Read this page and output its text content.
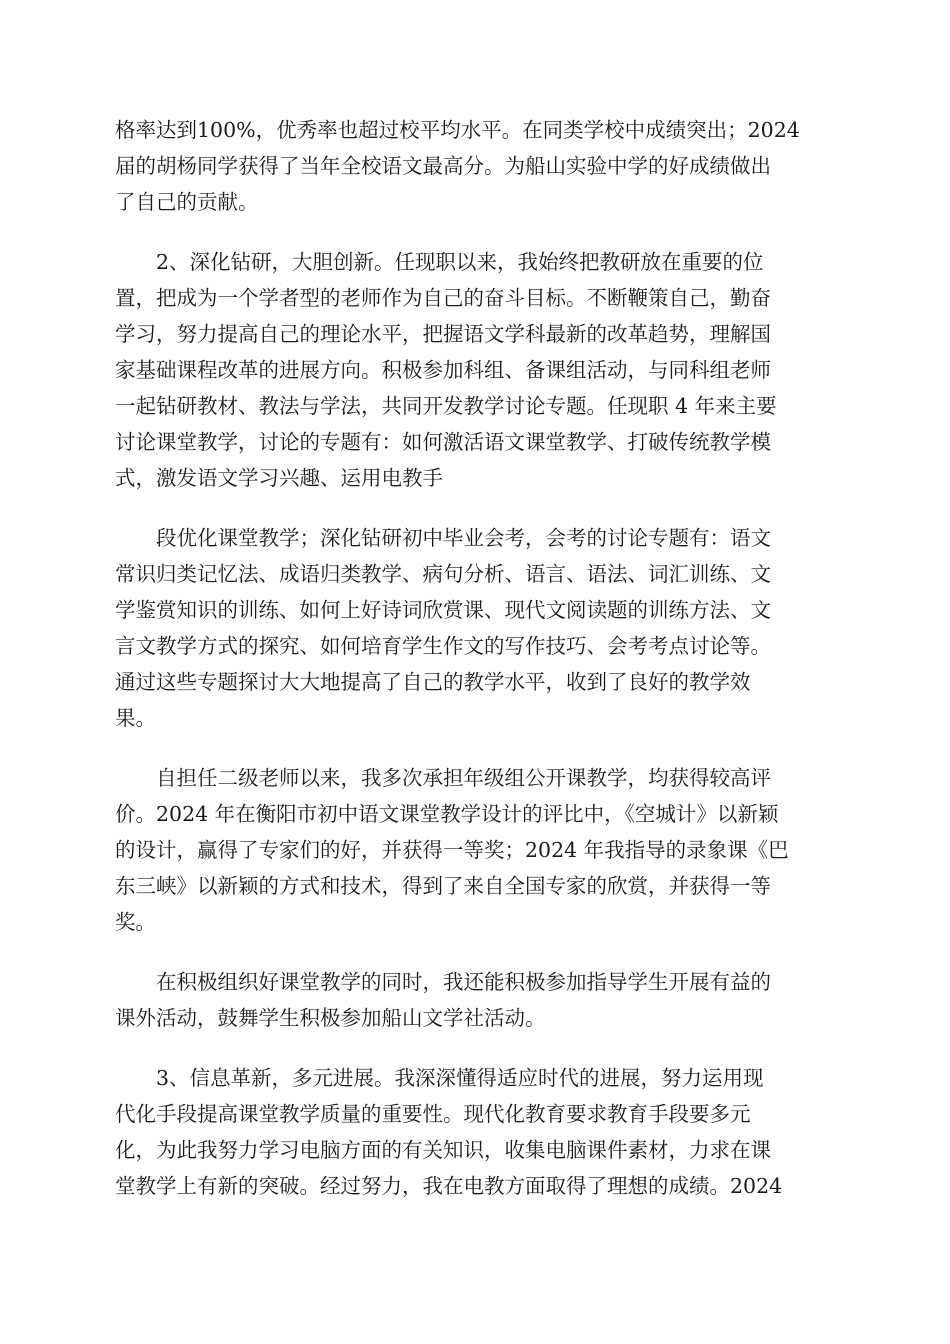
格率达到100%，优秀率也超过校平均水平。在同类学校中成绩突出；2024
届的胡杨同学获得了当年全校语文最高分。为船山实验中学的好成绩做出
了自己的贡献。
2、深化钻研，大胆创新。任现职以来，我始终把教研放在重要的位
置，把成为一个学者型的老师作为自己的奋斗目标。不断鞭策自己，勤奋
学习，努力提高自己的理论水平，把握语文学科最新的改革趋势，理解国
家基础课程改革的进展方向。积极参加科组、备课组活动，与同科组老师
一起钻研教材、教法与学法，共同开发教学讨论专题。任现职 4 年来主要
讨论课堂教学，讨论的专题有：如何激活语文课堂教学、打破传统教学模
式，激发语文学习兴趣、运用电教手
段优化课堂教学；深化钻研初中毕业会考，会考的讨论专题有：语文
常识归类记忆法、成语归类教学、病句分析、语言、语法、词汇训练、文
学鉴赏知识的训练、如何上好诗词欣赏课、现代文阅读题的训练方法、文
言文教学方式的探究、如何培育学生作文的写作技巧、会考考点讨论等。
通过这些专题探讨大大地提高了自己的教学水平，收到了良好的教学效
果。
自担任二级老师以来，我多次承担年级组公开课教学，均获得较高评
价。2024 年在衡阳市初中语文课堂教学设计的评比中，《空城计》以新颖
的设计，赢得了专家们的好，并获得一等奖；2024 年我指导的录象课《巴
东三峡》以新颖的方式和技术，得到了来自全国专家的欣赏，并获得一等
奖。
在积极组织好课堂教学的同时，我还能积极参加指导学生开展有益的
课外活动，鼓舞学生积极参加船山文学社活动。
3、信息革新，多元进展。我深深懂得适应时代的进展，努力运用现
代化手段提高课堂教学质量的重要性。现代化教育要求教育手段要多元
化，为此我努力学习电脑方面的有关知识，收集电脑课件素材，力求在课
堂教学上有新的突破。经过努力，我在电教方面取得了理想的成绩。2024
